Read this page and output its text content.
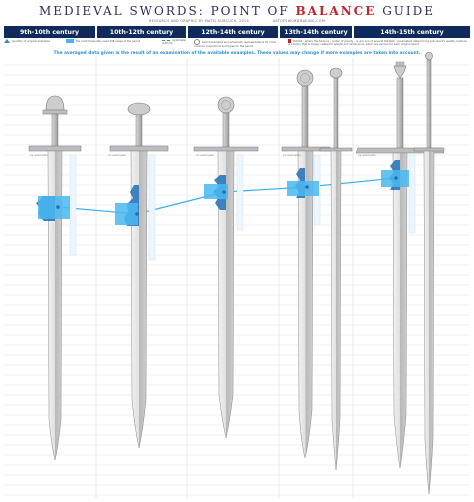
MEDIEVAL SWORDS: POINT OF BALANCE GUIDE
RESEARCH AND GRAPHIC BY MATEJ KURCUCH, 2019	ARTOFSWORDMAKING.COM
9th-10th century	10th-12th century	12th-14th century	13th-14th century	14th-15th century
quantity of original examples	the most frequently used PoB range of the period	centimeter (10mm)	sword examples and schematic representations for most common proportions and types for the period
Pobdist - where the balance - center of gravity - is, per one of several Pobdists - parameters determining just sword's quality, balance is a factor that is closely related to weight and dimensions, which are various for each original sword
The averaged data given is the result of an examination of the available examples. These values may change if more examples are taken into account.
xx examples	xx examples	xx examples	xx examples	xx examples
